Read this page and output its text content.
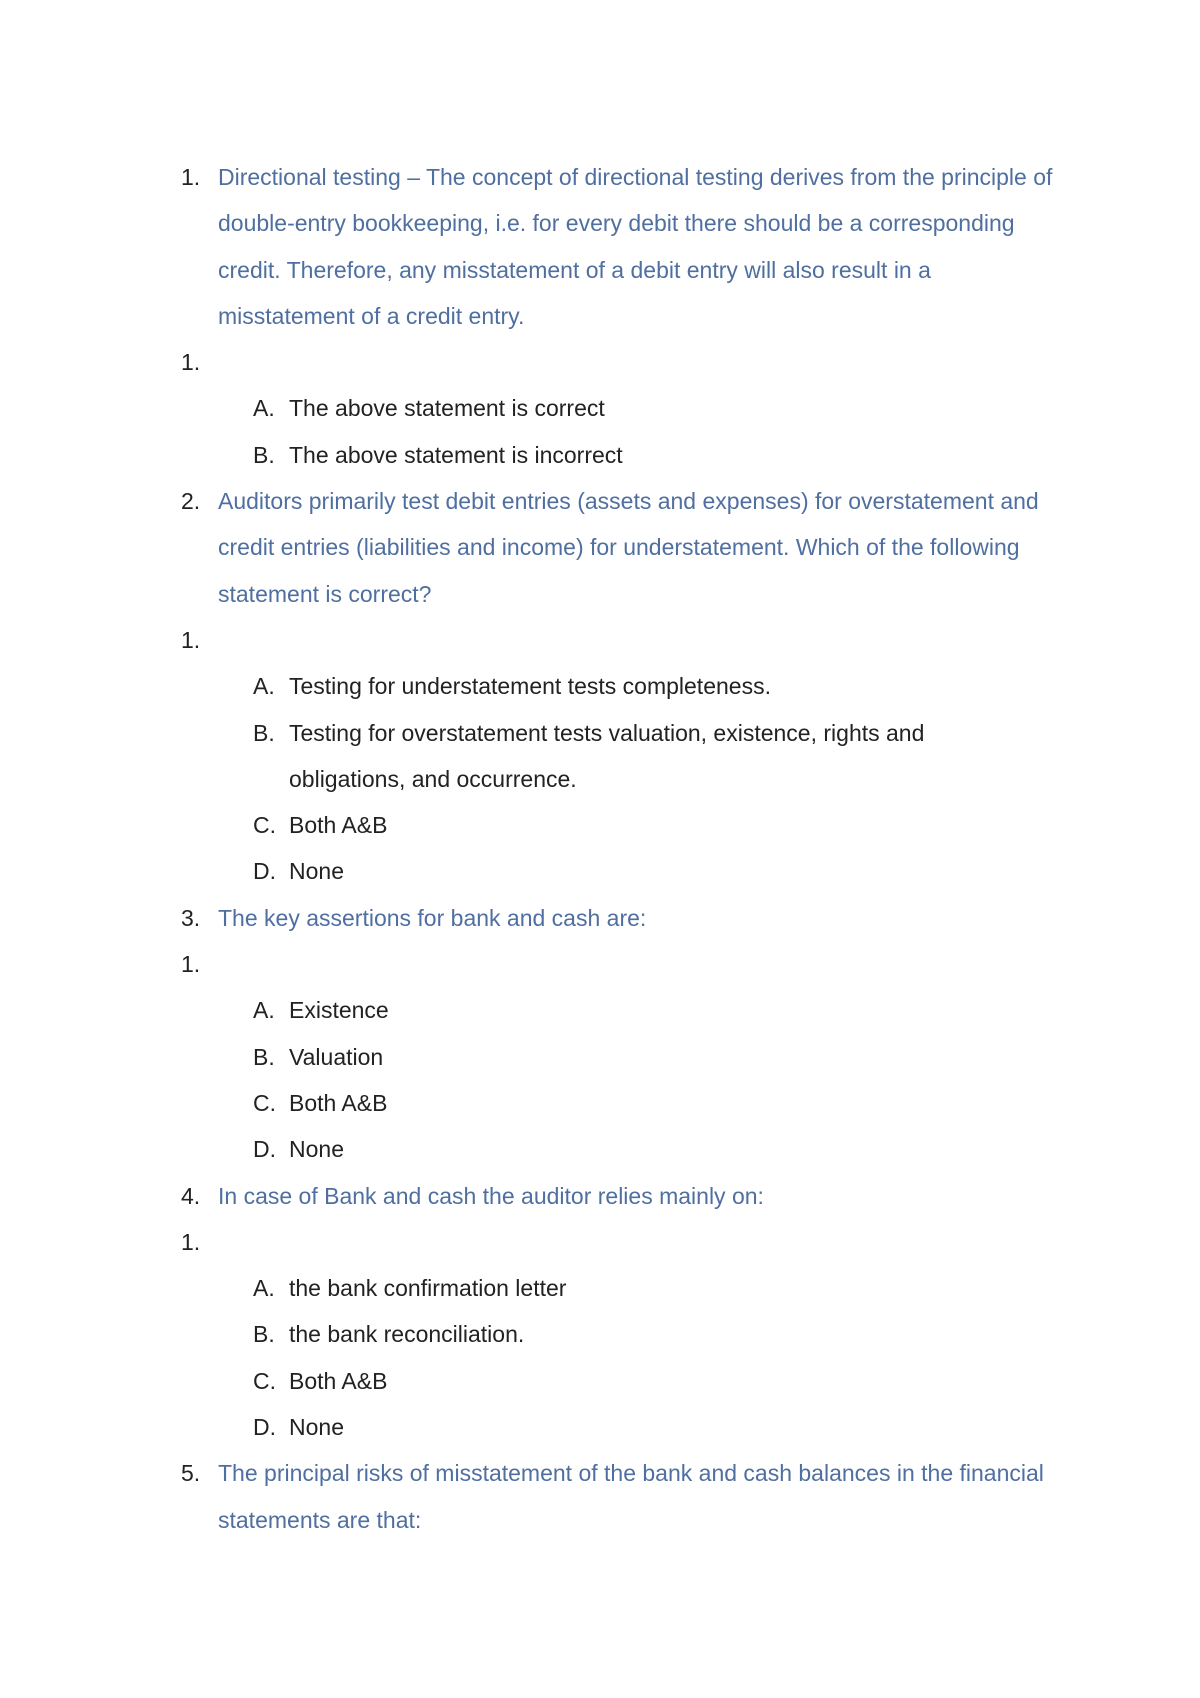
1. Directional testing – The concept of directional testing derives from the principle of double-entry bookkeeping, i.e. for every debit there should be a corresponding credit. Therefore, any misstatement of a debit entry will also result in a misstatement of a credit entry.
1.
A. The above statement is correct
B. The above statement is incorrect
2. Auditors primarily test debit entries (assets and expenses) for overstatement and credit entries (liabilities and income) for understatement. Which of the following statement is correct?
1.
A. Testing for understatement tests completeness.
B. Testing for overstatement tests valuation, existence, rights and obligations, and occurrence.
C. Both A&B
D. None
3. The key assertions for bank and cash are:
1.
A. Existence
B. Valuation
C. Both A&B
D. None
4. In case of Bank and cash the auditor relies mainly on:
1.
A. the bank confirmation letter
B. the bank reconciliation.
C. Both A&B
D. None
5. The principal risks of misstatement of the bank and cash balances in the financial statements are that:
